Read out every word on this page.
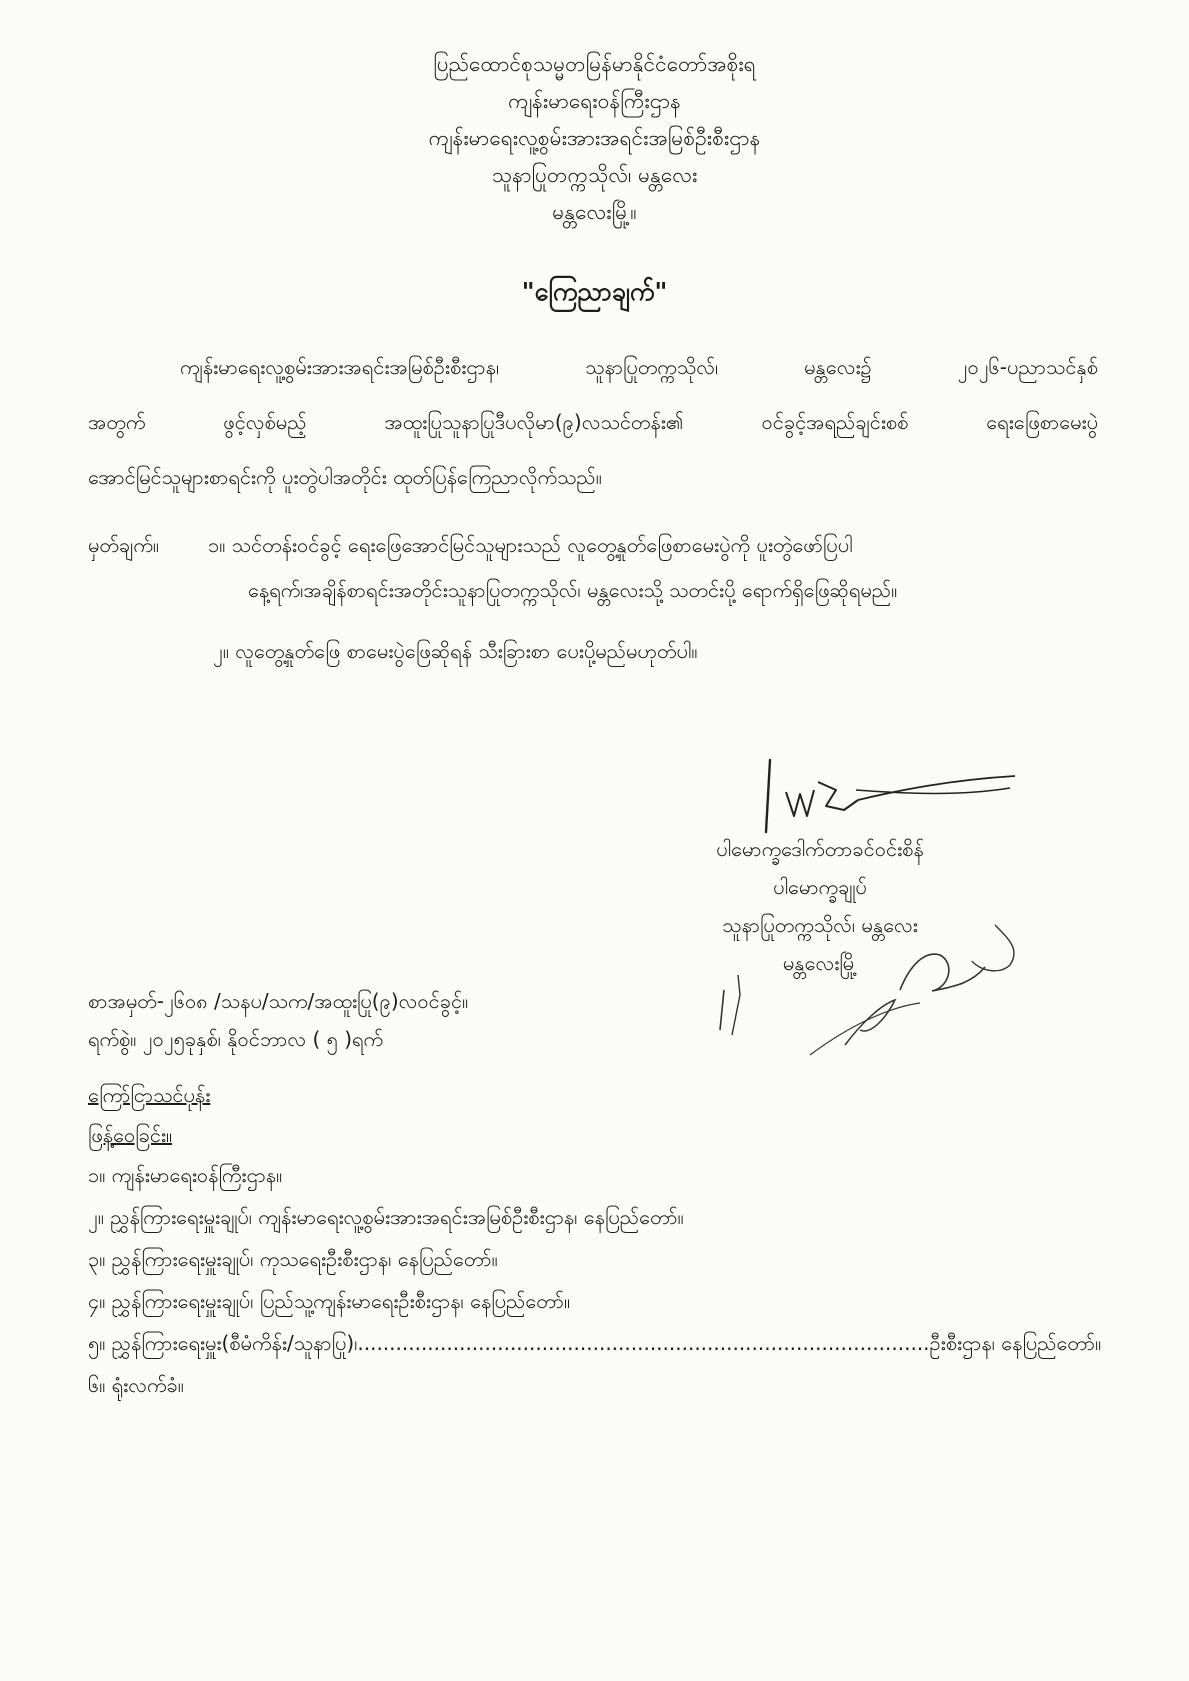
ပြည်ထောင်စုသမ္မတမြန်မာနိုင်ငံတော်အစိုးရ
ကျန်းမာရေးဝန်ကြီးဌာန
ကျန်းမာရေးလူ့စွမ်းအားအရင်းအမြစ်ဦးစီးဌာန
သူနာပြုတက္ကသိုလ်၊ မန္တလေး
မန္တလေးမြို့။
"ကြေညာချက်"
ကျန်းမာရေးလူ့စွမ်းအားအရင်းအမြစ်ဦးစီးဌာန၊ သူနာပြုတက္ကသိုလ်၊ မန္တလေး၌ ၂၀၂၆-ပညာသင်နှစ်
အတွက် ဖွင့်လှစ်မည့် အထူးပြုသူနာပြုဒီပလိုမာ(၉)လသင်တန်း၏ ဝင်ခွင့်အရည်ချင်းစစ် ရေးဖြေစာမေးပွဲ
အောင်မြင်သူများစာရင်းကို ပူးတွဲပါအတိုင်း ထုတ်ပြန်ကြေညာလိုက်သည်။
မှတ်ချက်။ ၁။ သင်တန်းဝင်ခွင့် ရေးဖြေအောင်မြင်သူများသည် လူတွေ့နှုတ်ဖြေစာမေးပွဲကို ပူးတွဲဖော်ပြပါ
နေ့ရက်၊အချိန်စာရင်းအတိုင်းသူနာပြုတက္ကသိုလ်၊ မန္တလေးသို့ သတင်းပို့ ရောက်ရှိဖြေဆိုရမည်။
၂။ လူတွေ့နှုတ်ဖြေ စာမေးပွဲဖြေဆိုရန် သီးခြားစာ ပေးပို့မည်မဟုတ်ပါ။
ပါမောက္ခဒေါက်တာခင်ဝင်းစိန်
ပါမောက္ခချုပ်
သူနာပြုတက္ကသိုလ်၊ မန္တလေး
မန္တလေးမြို့
စာအမှတ်-၂၆၀၈ /သနပ/သက/အထူးပြု(၉)လဝင်ခွင့်။
ရက်စွဲ။ ၂၀၂၅ခုနှစ်၊ နိုဝင်ဘာလ ( ၅ )ရက်
ကြော်ငြာသင်ပုန်း
ဖြန့်ဝေခြင်း။
၁။ ကျန်းမာရေးဝန်ကြီးဌာန။
၂။ ညွှန်ကြားရေးမှူးချုပ်၊ ကျန်းမာရေးလူ့စွမ်းအားအရင်းအမြစ်ဦးစီးဌာန၊ နေပြည်တော်။
၃။ ညွှန်ကြားရေးမှူးချုပ်၊ ကုသရေးဦးစီးဌာန၊ နေပြည်တော်။
၄။ ညွှန်ကြားရေးမှူးချုပ်၊ ပြည်သူ့ကျန်းမာရေးဦးစီးဌာန၊ နေပြည်တော်။
၅။ ညွှန်ကြားရေးမှူး(စီမံကိန်း/သူနာပြု)၊..........................................................................................ဦးစီးဌာန၊ နေပြည်တော်။
၆။ ရုံးလက်ခံ။
